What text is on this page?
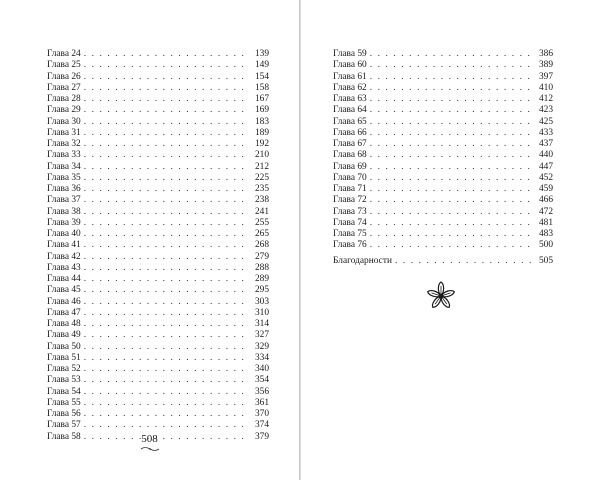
Глава 24 . . .	139
Глава 25 . . .	149
Глава 26 . . .	154
Глава 27 . . .	158
Глава 28 . . .	167
Глава 29 . . .	169
Глава 30 . . .	183
Глава 31 . . .	189
Глава 32 . . .	192
Глава 33 . . .	210
Глава 34 . . .	212
Глава 35 . . .	225
Глава 36 . . .	235
Глава 37 . . .	238
Глава 38 . . .	241
Глава 39 . . .	255
Глава 40 . . .	265
Глава 41 . . .	268
Глава 42 . . .	279
Глава 43 . . .	288
Глава 44 . . .	289
Глава 45 . . .	295
Глава 46 . . .	303
Глава 47 . . .	310
Глава 48 . . .	314
Глава 49 . . .	327
Глава 50 . . .	329
Глава 51 . . .	334
Глава 52 . . .	340
Глава 53 . . .	354
Глава 54 . . .	356
Глава 55 . . .	361
Глава 56 . . .	370
Глава 57 . . .	374
Глава 58 . . .	379
508
Глава 59 . . .	386
Глава 60 . . .	389
Глава 61 . . .	397
Глава 62 . . .	410
Глава 63 . . .	412
Глава 64 . . .	423
Глава 65 . . .	425
Глава 66 . . .	433
Глава 67 . . .	437
Глава 68 . . .	440
Глава 69 . . .	447
Глава 70 . . .	452
Глава 71 . . .	459
Глава 72 . . .	466
Глава 73 . . .	472
Глава 74 . . .	481
Глава 75 . . .	483
Глава 76 . . .	500
Благодарности . . .	505
